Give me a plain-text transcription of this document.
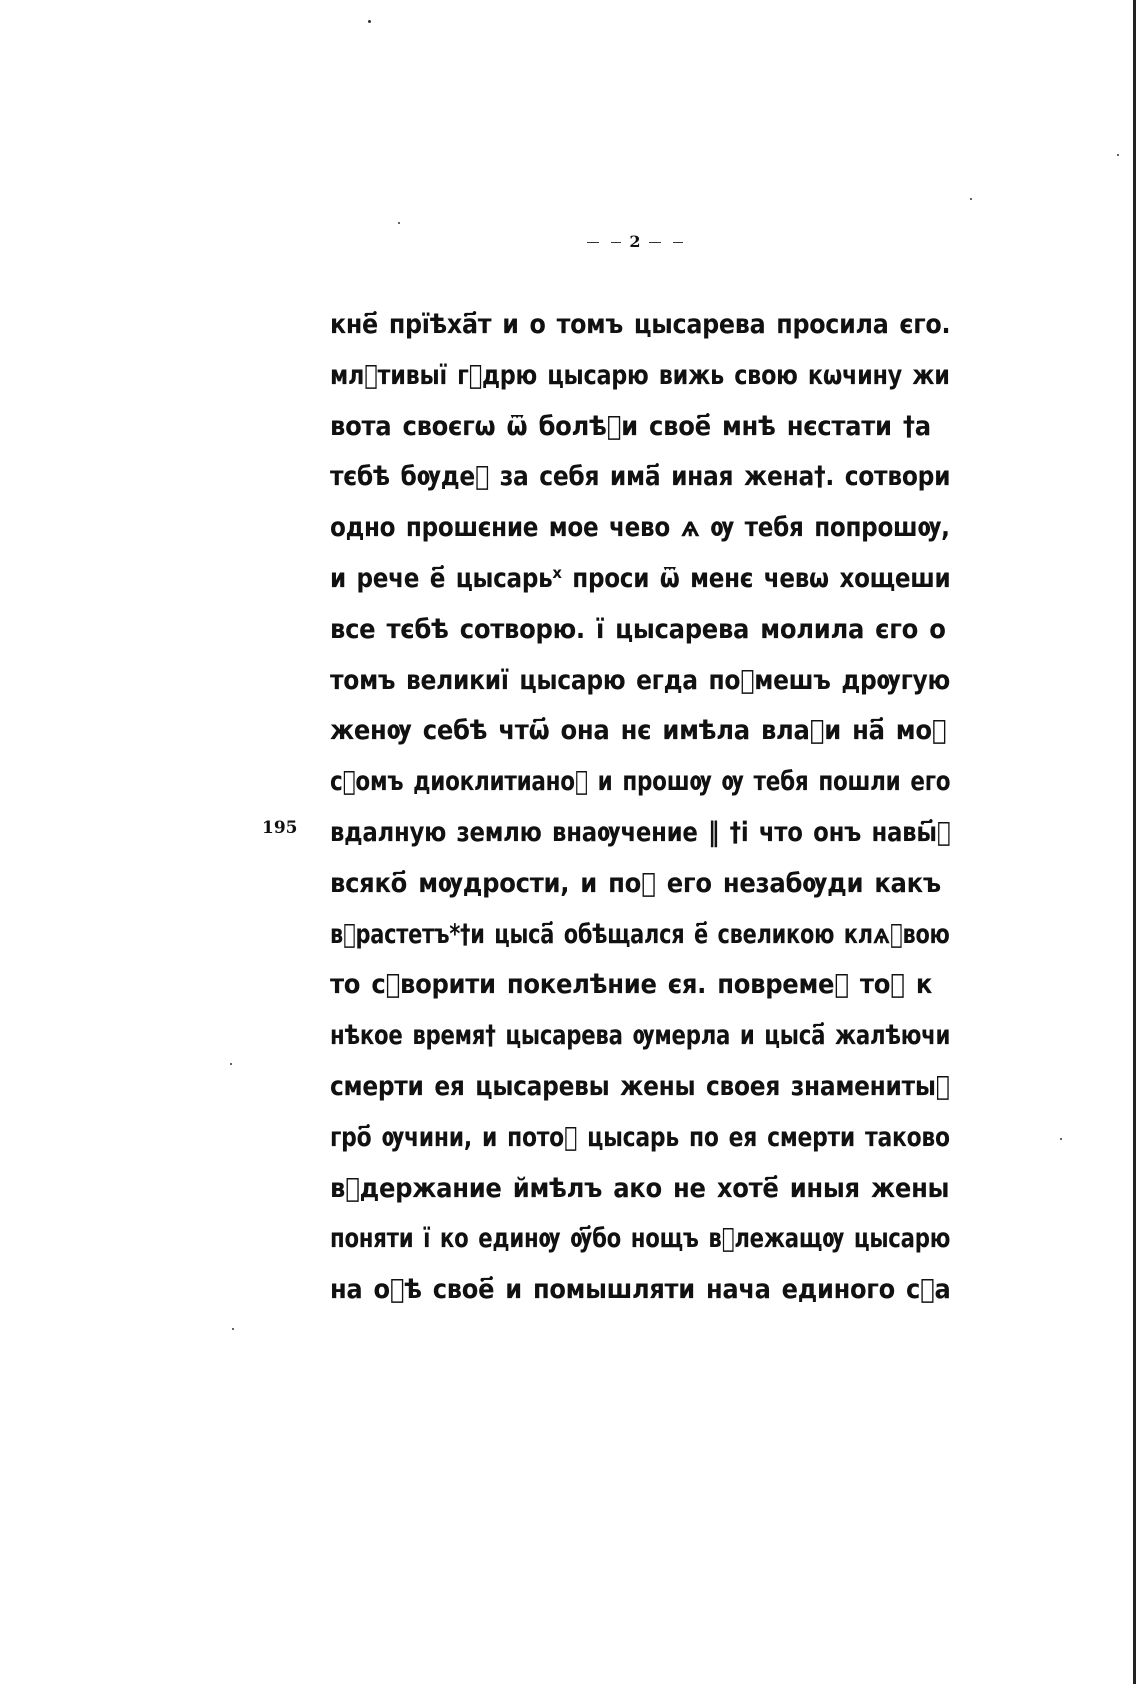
2
195
кне҃ прїѣха҃т и о томъ цысарева просила єго.
млⷭтивыї гⷭдрю цысарю вижь свою кѡчину жи
вота своєгѡ ѿ болѣⷩи свое҃ мнѣ нєстати †а
тєбѣ бѹдеⷮ за себя има҃ иная жена†. сотвори
одно прошєние мое чево ѧ ѹ тебя попрошѹ,
и рече е҃ цысарьˣ проси ѿ менє чевѡ хощеши
все тєбѣ сотворю. ї цысарева молила єго о
томъ великиї цысарю егда поⷨмешъ дрѹгую
женѹ себѣ чтѡ҃ она нє имѣла влаⷮи на҃ моⷨ
сⷩомъ диоклитианоⷨ и прошѹ ѹ тебя пошли его
вдалную землю внаѹчение ‖ †і что онъ навы҃ⷦ
всяко҃ мѹдрости, и поⷮ его незабѹди какъ
вⷪрастетъ*†и цыса҃ обѣщался е҃ свеликою клѧⷮвою
то сⷪворити покелѣние єя. повремеⷩ тоⷨ к
нѣкое время† цысарева ѹмерла и цыса҃ жалѣючи
смерти ея цысаревы жены своея знаменитыⷨ
гро҃ ѹчини, и потоⷨ цысарь по ея смерти таково
вⷪдержание ймѣлъ ако не хоте҃ иныя жены
поняти ї ко единѹ ѹ҃бо нощъ вⷪлежащѹ цысарю
на оⷬѣ свое҃ и помышляти нача единого сⷩа
